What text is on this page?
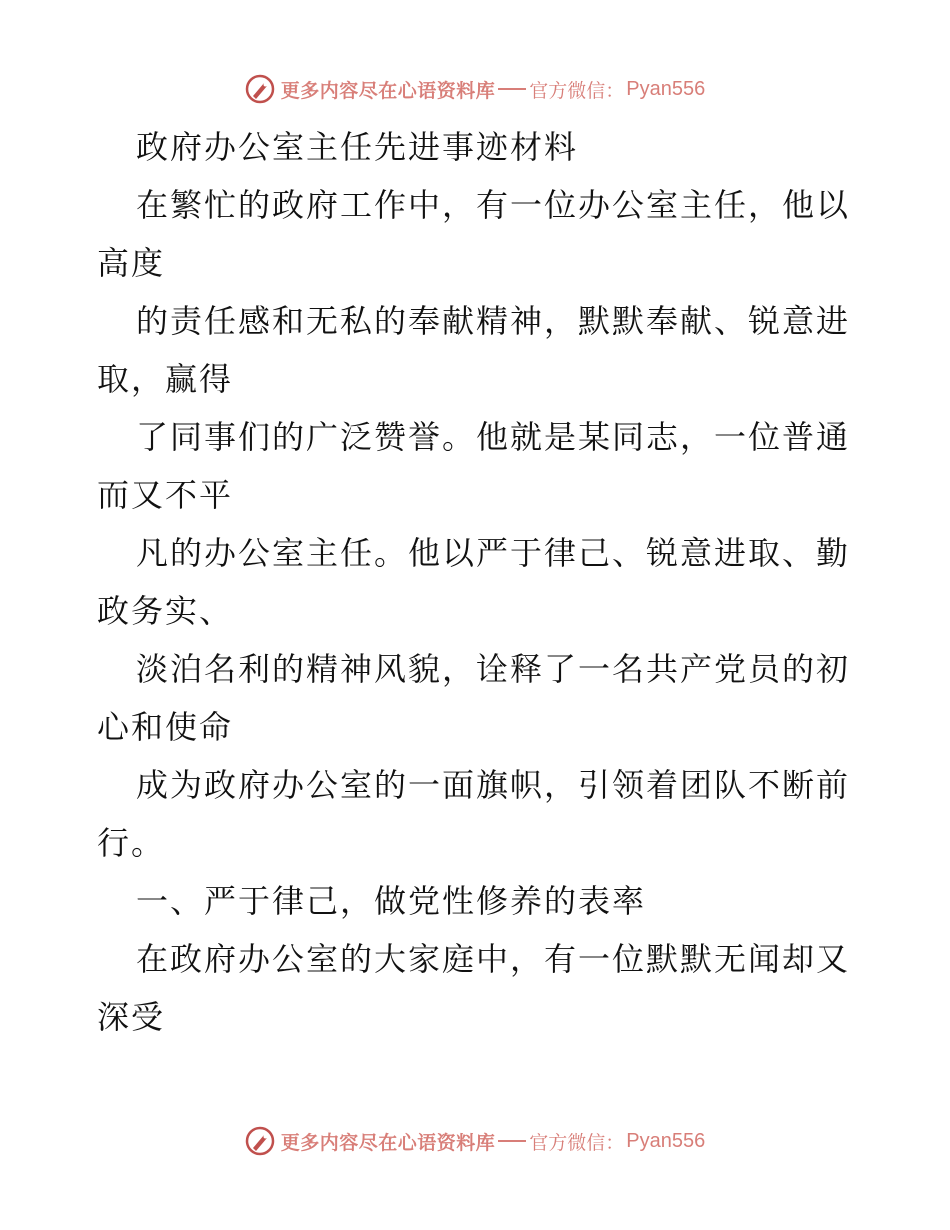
更多内容尽在心语资料库 官方微信： Pyan556
政府办公室主任先进事迹材料
在繁忙的政府工作中，有一位办公室主任，他以
高度
的责任感和无私的奉献精神，默默奉献、锐意进
取，赢得
了同事们的广泛赞誉。他就是某同志，一位普通
而又不平
凡的办公室主任。他以严于律己、锐意进取、勤
政务实、
淡泊名利的精神风貌，诠释了一名共产党员的初
心和使命
成为政府办公室的一面旗帜，引领着团队不断前
行。
一、严于律己，做党性修养的表率
在政府办公室的大家庭中，有一位默默无闻却又
深受
更多内容尽在心语资料库 官方微信： Pyan556
